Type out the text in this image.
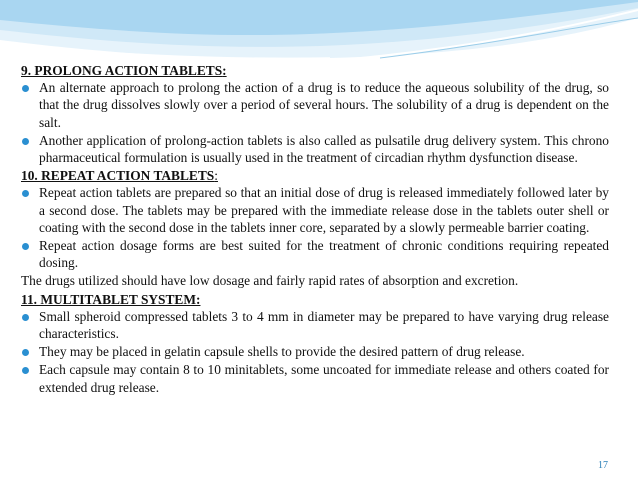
9. PROLONG ACTION TABLETS:
An alternate approach to prolong the action of a drug is to reduce the aqueous solubility of the drug, so that the drug dissolves slowly over a period of several hours. The solubility of a drug is dependent on the salt.
Another application of prolong-action tablets is also called as pulsatile drug delivery system. This chrono pharmaceutical formulation is usually used in the treatment of circadian rhythm dysfunction disease.
10. REPEAT ACTION TABLETS:
Repeat action tablets are prepared so that an initial dose of drug is released immediately followed later by a second dose. The tablets may be prepared with the immediate release dose in the tablets outer shell or coating with the second dose in the tablets inner core, separated by a slowly permeable barrier coating.
Repeat action dosage forms are best suited for the treatment of chronic conditions requiring repeated dosing.
The drugs utilized should have low dosage and fairly rapid rates of absorption and excretion.
11. MULTITABLET SYSTEM:
Small spheroid compressed tablets 3 to 4 mm in diameter may be prepared to have varying drug release characteristics.
They may be placed in gelatin capsule shells to provide the desired pattern of drug release.
Each capsule may contain 8 to 10 minitablets, some uncoated for immediate release and others coated for extended drug release.
17
